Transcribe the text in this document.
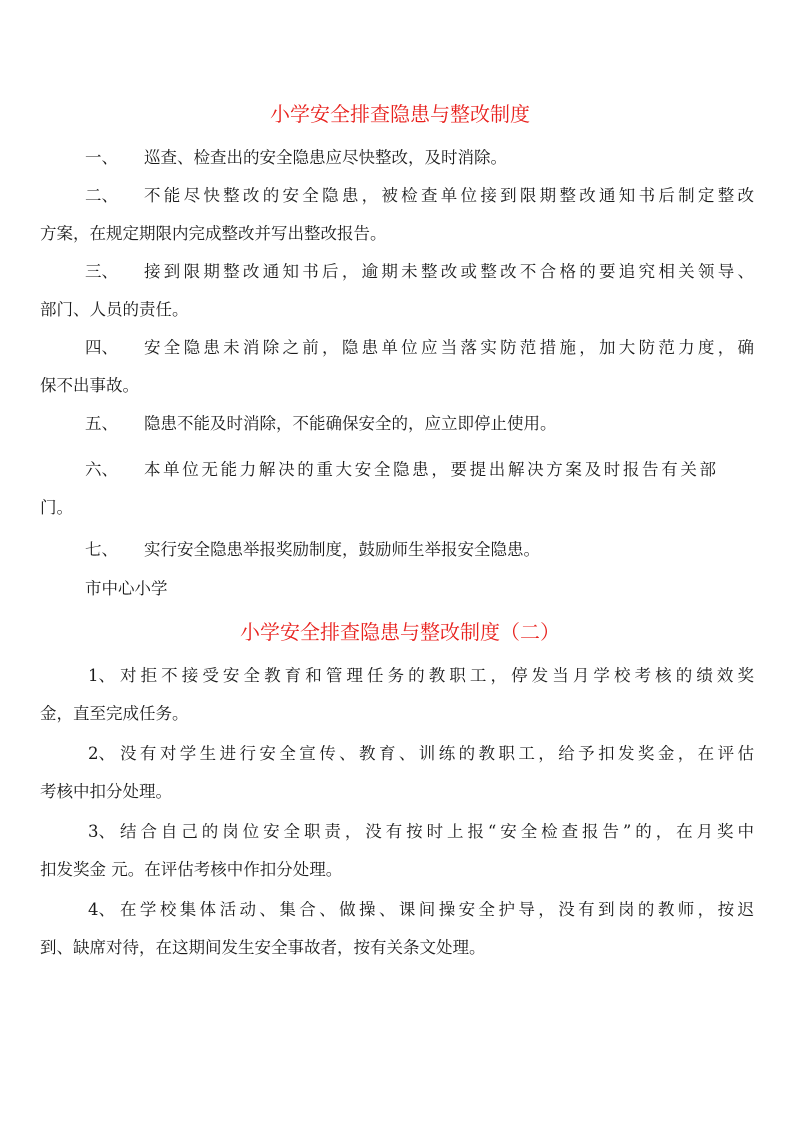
小学安全排查隐患与整改制度
一、 巡查、检查出的安全隐患应尽快整改，及时消除。
二、 不能尽快整改的安全隐患，被检查单位接到限期整改通知书后制定整改
方案，在规定期限内完成整改并写出整改报告。
三、 接到限期整改通知书后，逾期未整改或整改不合格的要追究相关领导、
部门、人员的责任。
四、 安全隐患未消除之前，隐患单位应当落实防范措施，加大防范力度，确
保不出事故。
五、 隐患不能及时消除，不能确保安全的，应立即停止使用。
六、 本单位无能力解决的重大安全隐患，要提出解决方案及时报告有关部
门。
七、 实行安全隐患举报奖励制度，鼓励师生举报安全隐患。
市中心小学
小学安全排查隐患与整改制度（二）
1、 对拒不接受安全教育和管理任务的教职工，停发当月学校考核的绩效奖
金，直至完成任务。
2、 没有对学生进行安全宣传、教育、训练的教职工，给予扣发奖金，在评估
考核中扣分处理。
3、 结合自己的岗位安全职责，没有按时上报“安全检查报告”的，在月奖中
扣发奖金 元。在评估考核中作扣分处理。
4、 在学校集体活动、集合、做操、课间操安全护导，没有到岗的教师，按迟
到、缺席对待，在这期间发生安全事故者，按有关条文处理。
